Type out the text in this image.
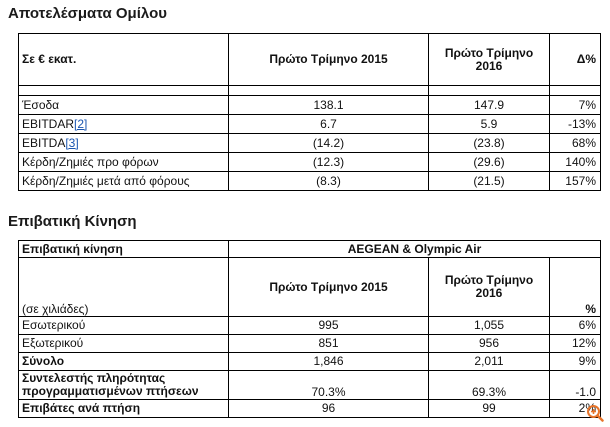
Αποτελέσματα Ομίλου
Σε € εκατ.	Πρώτο Τρίμηνο 2015	Πρώτο Τρίμηνο 2016	Δ%

Έσοδα	138.1	147.9	7%
EBITDAR[2]	6.7	5.9	-13%
EBITDA[3]	(14.2)	(23.8)	68%
Κέρδη/Ζημιές προ φόρων	(12.3)	(29.6)	140%
Κέρδη/Ζημιές μετά από φόρους	(8.3)	(21.5)	157%
Επιβατική Κίνηση
Επιβατική κίνηση	AEGEAN & Olympic Air		
(σε χιλιάδες)	Πρώτο Τρίμηνο 2015	Πρώτο Τρίμηνο 2016	%
Εσωτερικού	995	1,055	6%
Εξωτερικού	851	956	12%
Σύνολο	1,846	2,011	9%
Συντελεστής πληρότητας προγραμματισμένων πτήσεων	70.3%	69.3%	-1.0
Επιβάτες ανά πτήση	96	99	2%
